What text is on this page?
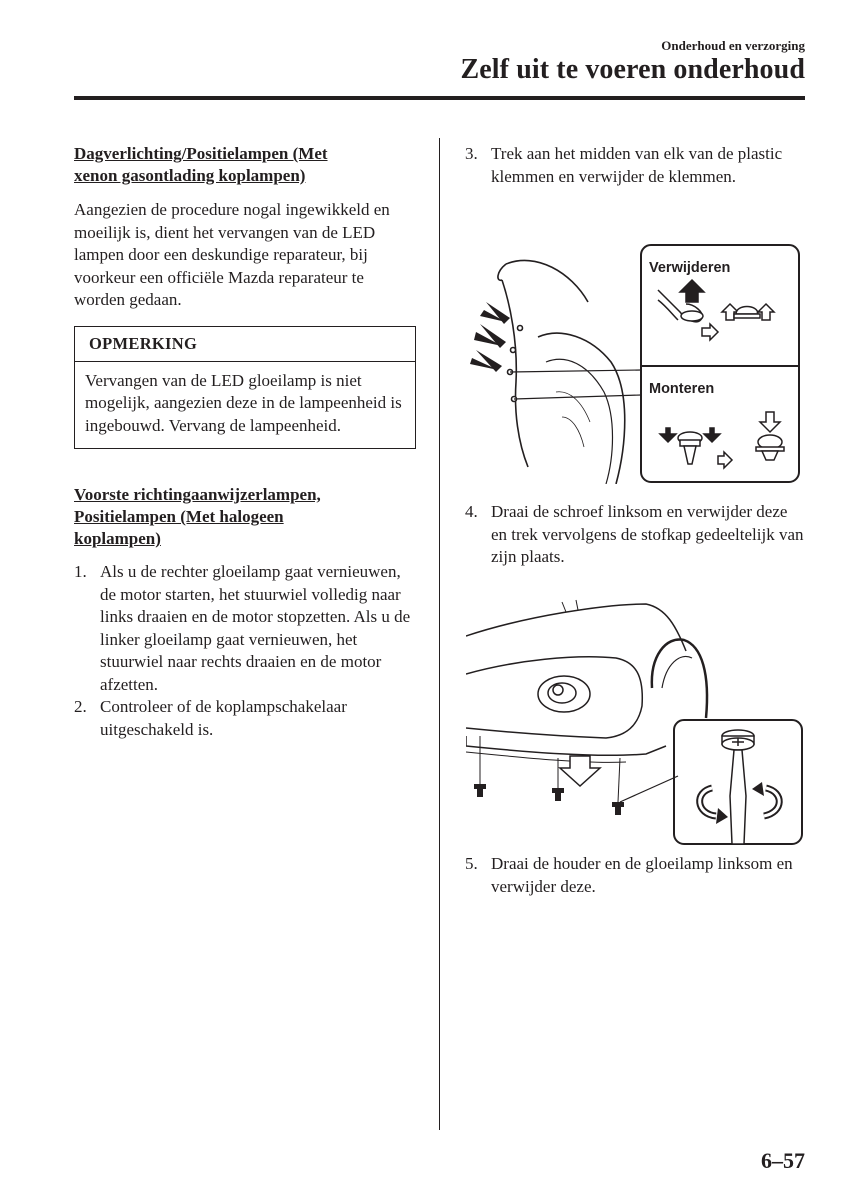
Onderhoud en verzorging
Zelf uit te voeren onderhoud

Dagverlichting/Positielampen (Met
xenon gasontlading koplampen)

Aangezien de procedure nogal ingewikkeld en moeilijk is, dient het vervangen van de LED lampen door een deskundige reparateur, bij voorkeur een officiële Mazda reparateur te worden gedaan.

OPMERKING
Vervangen van de LED gloeilamp is niet mogelijk, aangezien deze in de lampeenheid is ingebouwd. Vervang de lampeenheid.

Voorste richtingaanwijzerlampen,
Positielampen (Met halogeen
koplampen)

1. Als u de rechter gloeilamp gaat vernieuwen, de motor starten, het stuurwiel volledig naar links draaien en de motor stopzetten. Als u de linker gloeilamp gaat vernieuwen, het stuurwiel naar rechts draaien en de motor afzetten.
2. Controleer of de koplampschakelaar uitgeschakeld is.
3. Trek aan het midden van elk van de plastic klemmen en verwijder de klemmen.
Verwijderen
Monteren
4. Draai de schroef linksom en verwijder deze en trek vervolgens de stofkap gedeeltelijk van zijn plaats.
5. Draai de houder en de gloeilamp linksom en verwijder deze.
6–57
